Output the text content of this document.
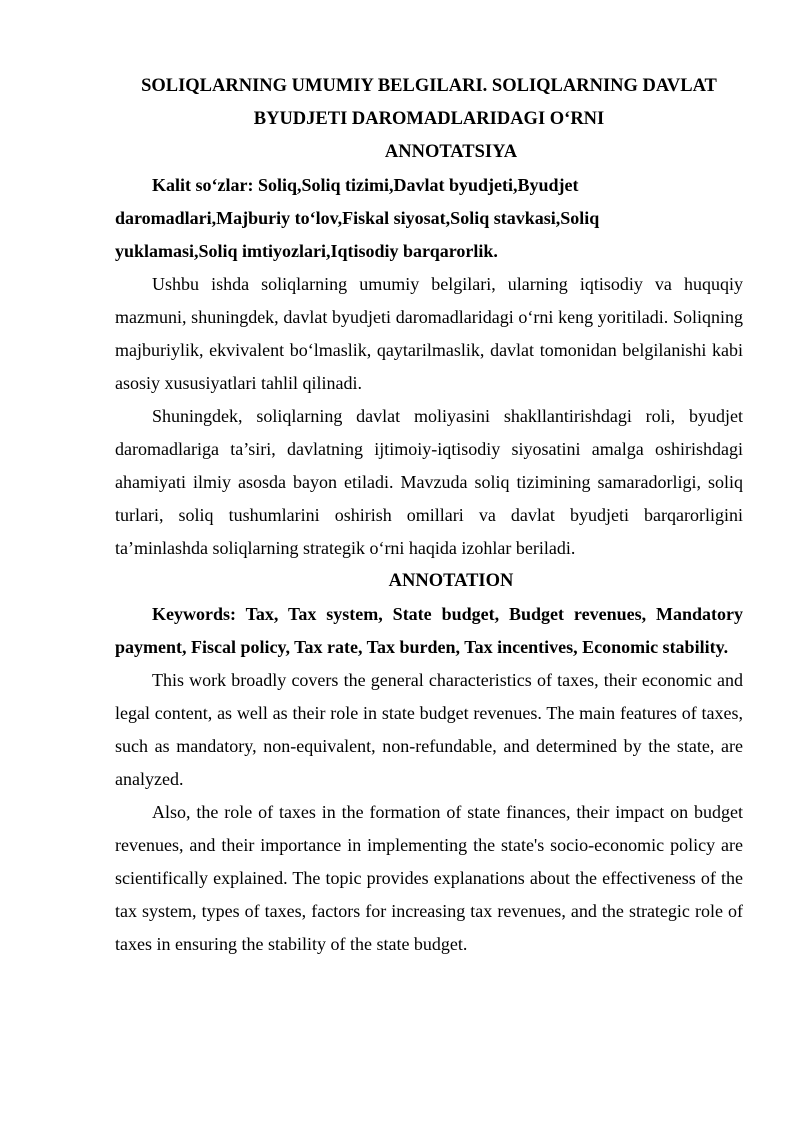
SOLIQLARNING UMUMIY BELGILARI. SOLIQLARNING DAVLAT
BYUDJETI DAROMADLARIDAGI O‘RNI
ANNOTATSIYA

Kalit so‘zlar: Soliq,Soliq tizimi,Davlat byudjeti,Byudjet daromadlari,Majburiy to‘lov,Fiskal siyosat,Soliq stavkasi,Soliq yuklamasi,Soliq imtiyozlari,Iqtisodiy barqarorlik.

Ushbu ishda soliqlarning umumiy belgilari, ularning iqtisodiy va huquqiy mazmuni, shuningdek, davlat byudjeti daromadlaridagi o‘rni keng yoritiladi. Soliqning majburiylik, ekvivalent bo‘lmaslik, qaytarilmaslik, davlat tomonidan belgilanishi kabi asosiy xususiyatlari tahlil qilinadi.

Shuningdek, soliqlarning davlat moliyasini shakllantirishdagi roli, byudjet daromadlariga ta’siri, davlatning ijtimoiy-iqtisodiy siyosatini amalga oshirishdagi ahamiyati ilmiy asosda bayon etiladi. Mavzuda soliq tizimining samaradorligi, soliq turlari, soliq tushumlarini oshirish omillari va davlat byudjeti barqarorligini ta’minlashda soliqlarning strategik o‘rni haqida izohlar beriladi.

ANNOTATION

Keywords: Tax, Tax system, State budget, Budget revenues, Mandatory payment, Fiscal policy, Tax rate, Tax burden, Tax incentives, Economic stability.

This work broadly covers the general characteristics of taxes, their economic and legal content, as well as their role in state budget revenues. The main features of taxes, such as mandatory, non-equivalent, non-refundable, and determined by the state, are analyzed.

Also, the role of taxes in the formation of state finances, their impact on budget revenues, and their importance in implementing the state's socio-economic policy are scientifically explained. The topic provides explanations about the effectiveness of the tax system, types of taxes, factors for increasing tax revenues, and the strategic role of taxes in ensuring the stability of the state budget.
